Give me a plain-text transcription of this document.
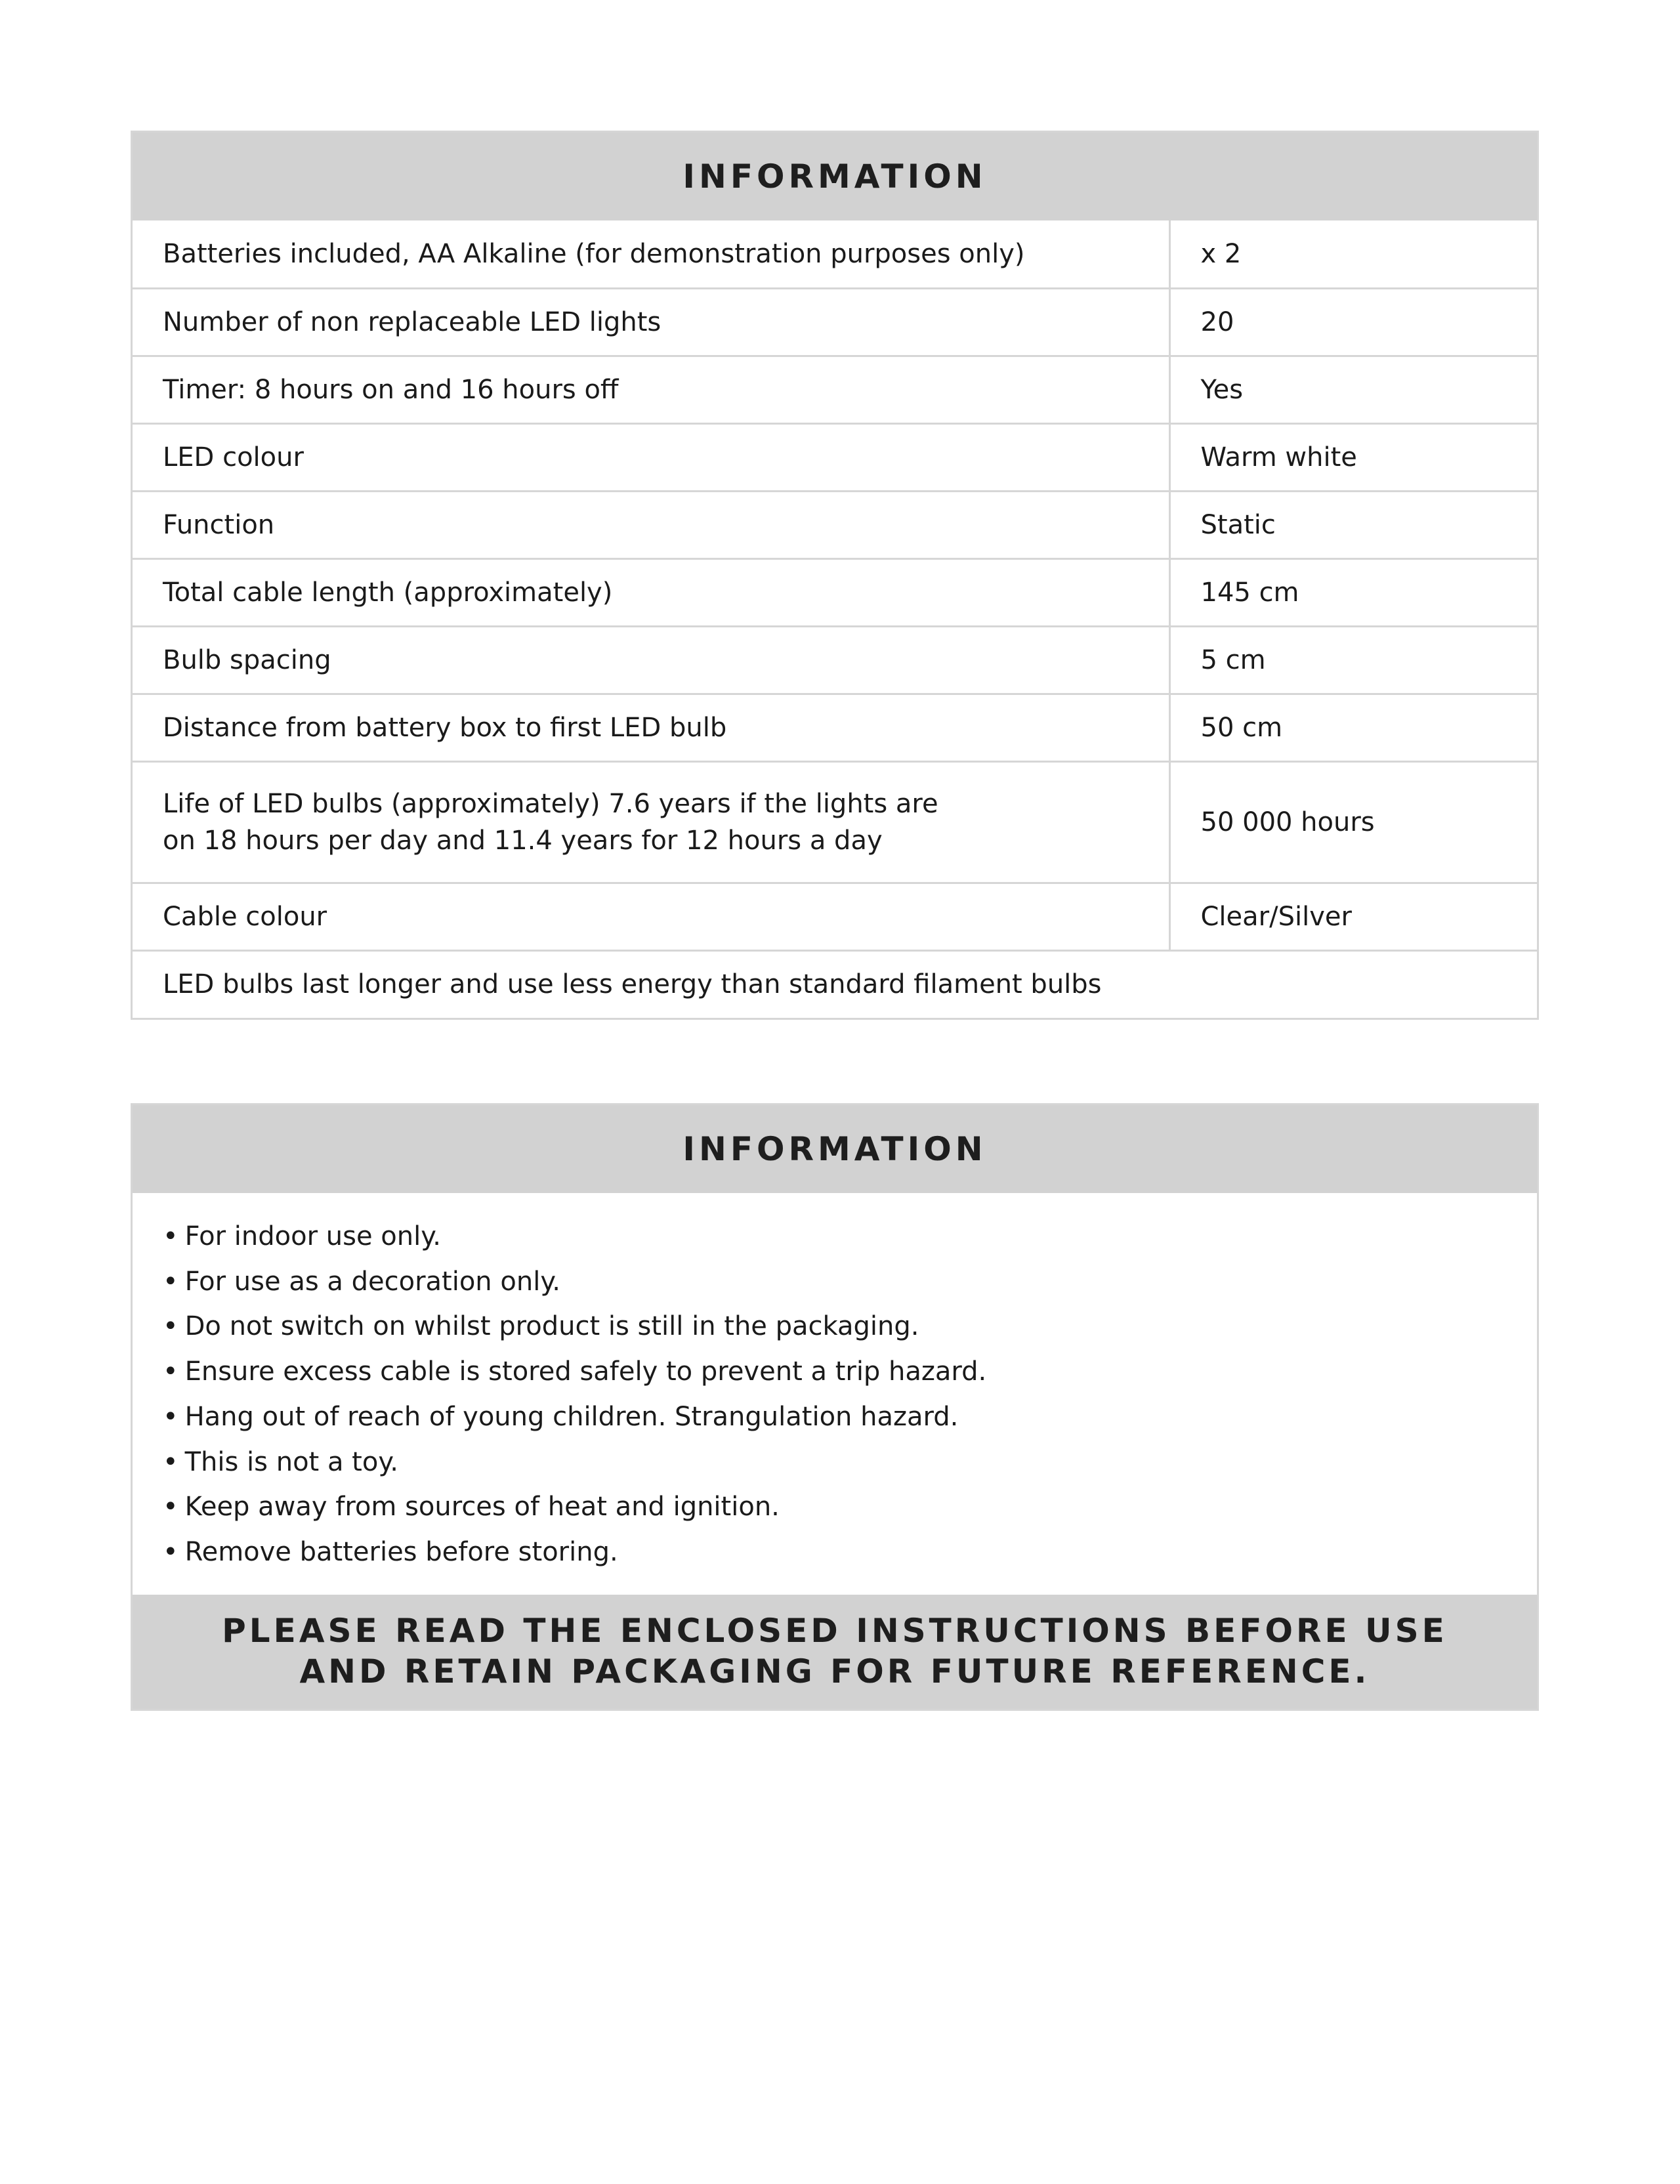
INFORMATION
Batteries included, AA Alkaline (for demonstration purposes only)	x 2
Number of non replaceable LED lights	20
Timer: 8 hours on and 16 hours off	Yes
LED colour	Warm white
Function	Static
Total cable length (approximately)	145 cm
Bulb spacing	5 cm
Distance from battery box to first LED bulb	50 cm

Life of LED bulbs (approximately) 7.6 years if the lights are
on 18 hours per day and 11.4 years for 12 hours a day	50 000 hours
Cable colour	Clear/Silver
LED bulbs last longer and use less energy than standard filament bulbs	
INFORMATION
• For indoor use only.
• For use as a decoration only.
• Do not switch on whilst product is still in the packaging.
• Ensure excess cable is stored safely to prevent a trip hazard.
• Hang out of reach of young children. Strangulation hazard.
• This is not a toy.
• Keep away from sources of heat and ignition.
• Remove batteries before storing.
PLEASE READ THE ENCLOSED INSTRUCTIONS BEFORE USE
AND RETAIN PACKAGING FOR FUTURE REFERENCE.
